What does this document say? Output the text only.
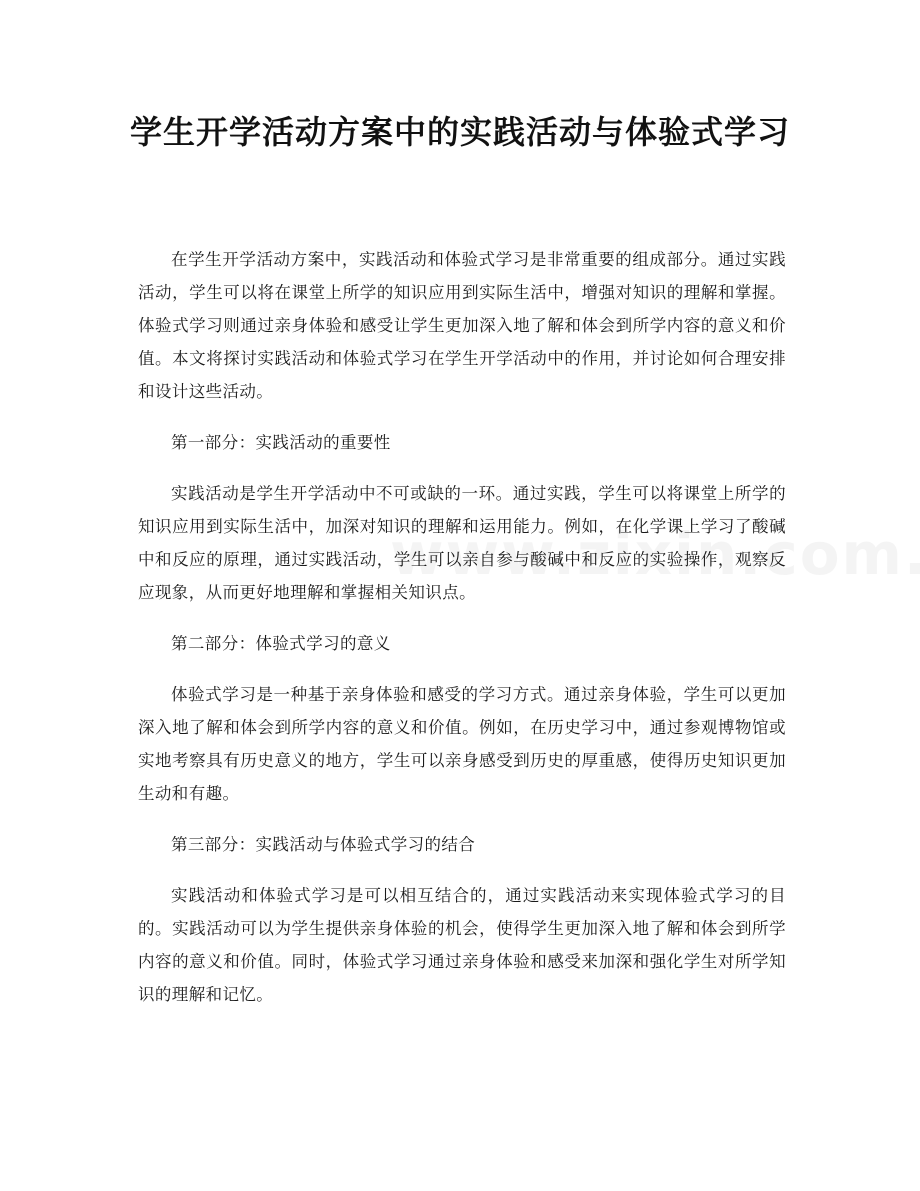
学生开学活动方案中的实践活动与体验式学习

在学生开学活动方案中，实践活动和体验式学习是非常重要的组成部分。通过实践活动，学生可以将在课堂上所学的知识应用到实际生活中，增强对知识的理解和掌握。体验式学习则通过亲身体验和感受让学生更加深入地了解和体会到所学内容的意义和价值。本文将探讨实践活动和体验式学习在学生开学活动中的作用，并讨论如何合理安排和设计这些活动。

第一部分：实践活动的重要性

实践活动是学生开学活动中不可或缺的一环。通过实践，学生可以将课堂上所学的知识应用到实际生活中，加深对知识的理解和运用能力。例如，在化学课上学习了酸碱中和反应的原理，通过实践活动，学生可以亲自参与酸碱中和反应的实验操作，观察反应现象，从而更好地理解和掌握相关知识点。

第二部分：体验式学习的意义

体验式学习是一种基于亲身体验和感受的学习方式。通过亲身体验，学生可以更加深入地了解和体会到所学内容的意义和价值。例如，在历史学习中，通过参观博物馆或实地考察具有历史意义的地方，学生可以亲身感受到历史的厚重感，使得历史知识更加生动和有趣。

第三部分：实践活动与体验式学习的结合

实践活动和体验式学习是可以相互结合的，通过实践活动来实现体验式学习的目的。实践活动可以为学生提供亲身体验的机会，使得学生更加深入地了解和体会到所学内容的意义和价值。同时，体验式学习通过亲身体验和感受来加深和强化学生对所学知识的理解和记忆。
